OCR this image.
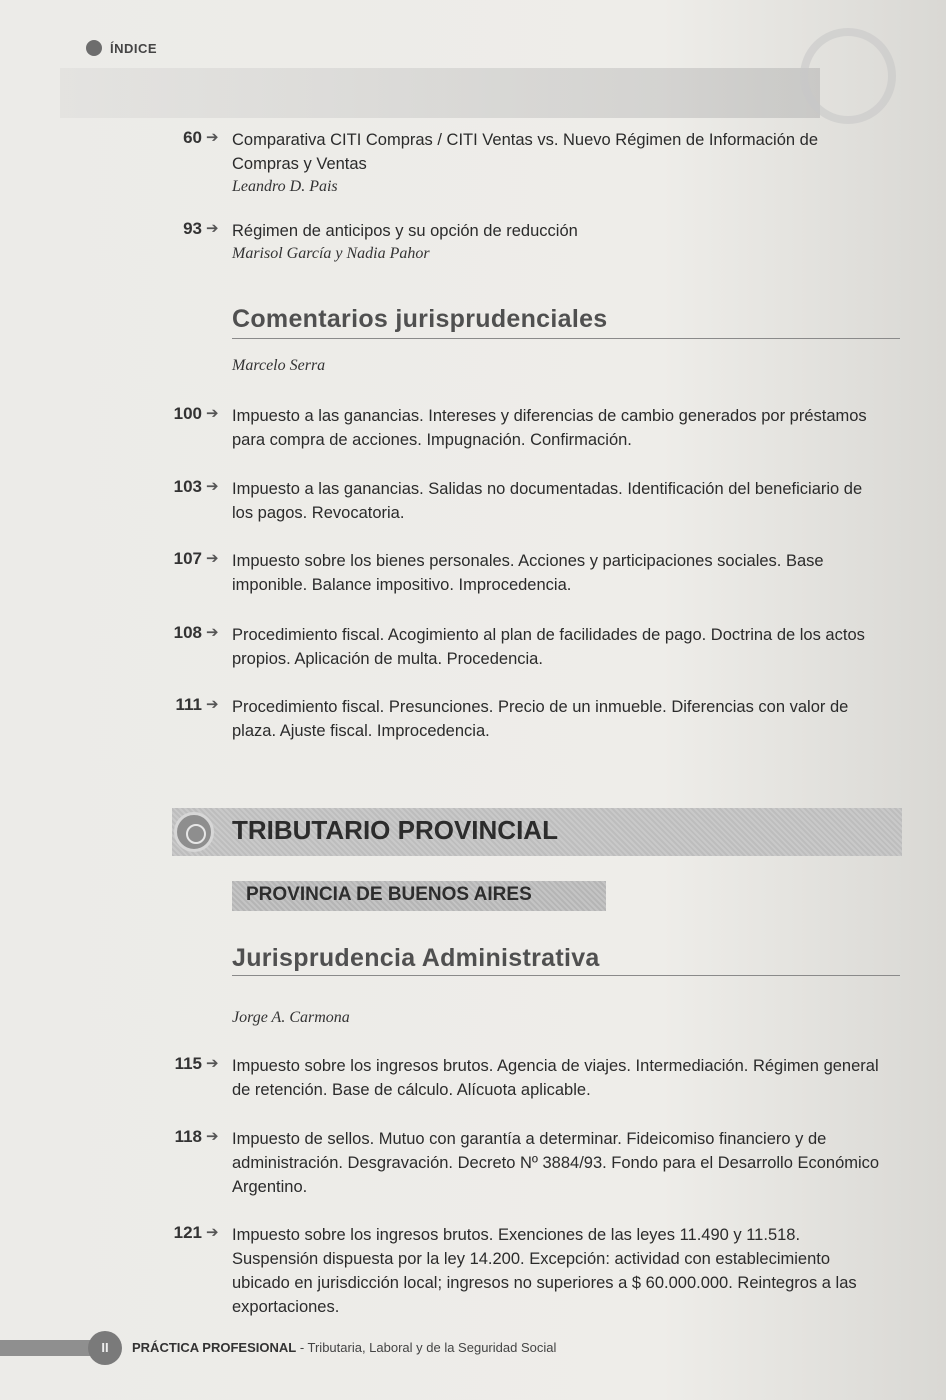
ÍNDICE
60 ➔ Comparativa CITI Compras / CITI Ventas vs. Nuevo Régimen de Información de Compras y Ventas
Leandro D. Pais
93 ➔ Régimen de anticipos y su opción de reducción
Marisol García y Nadia Pahor
Comentarios jurisprudenciales
Marcelo Serra
100 ➔ Impuesto a las ganancias. Intereses y diferencias de cambio generados por préstamos para compra de acciones. Impugnación. Confirmación.
103 ➔ Impuesto a las ganancias. Salidas no documentadas. Identificación del beneficiario de los pagos. Revocatoria.
107 ➔ Impuesto sobre los bienes personales. Acciones y participaciones sociales. Base imponible. Balance impositivo. Improcedencia.
108 ➔ Procedimiento fiscal. Acogimiento al plan de facilidades de pago. Doctrina de los actos propios. Aplicación de multa. Procedencia.
111 ➔ Procedimiento fiscal. Presunciones. Precio de un inmueble. Diferencias con valor de plaza. Ajuste fiscal. Improcedencia.
TRIBUTARIO PROVINCIAL
PROVINCIA DE BUENOS AIRES
Jurisprudencia Administrativa
Jorge A. Carmona
115 ➔ Impuesto sobre los ingresos brutos. Agencia de viajes. Intermediación. Régimen general de retención. Base de cálculo. Alícuota aplicable.
118 ➔ Impuesto de sellos. Mutuo con garantía a determinar. Fideicomiso financiero y de administración. Desgravación. Decreto Nº 3884/93. Fondo para el Desarrollo Económico Argentino.
121 ➔ Impuesto sobre los ingresos brutos. Exenciones de las leyes 11.490 y 11.518. Suspensión dispuesta por la ley 14.200. Excepción: actividad con establecimiento ubicado en jurisdicción local; ingresos no superiores a $ 60.000.000. Reintegros a las exportaciones.
II	PRÁCTICA PROFESIONAL - Tributaria, Laboral y de la Seguridad Social
